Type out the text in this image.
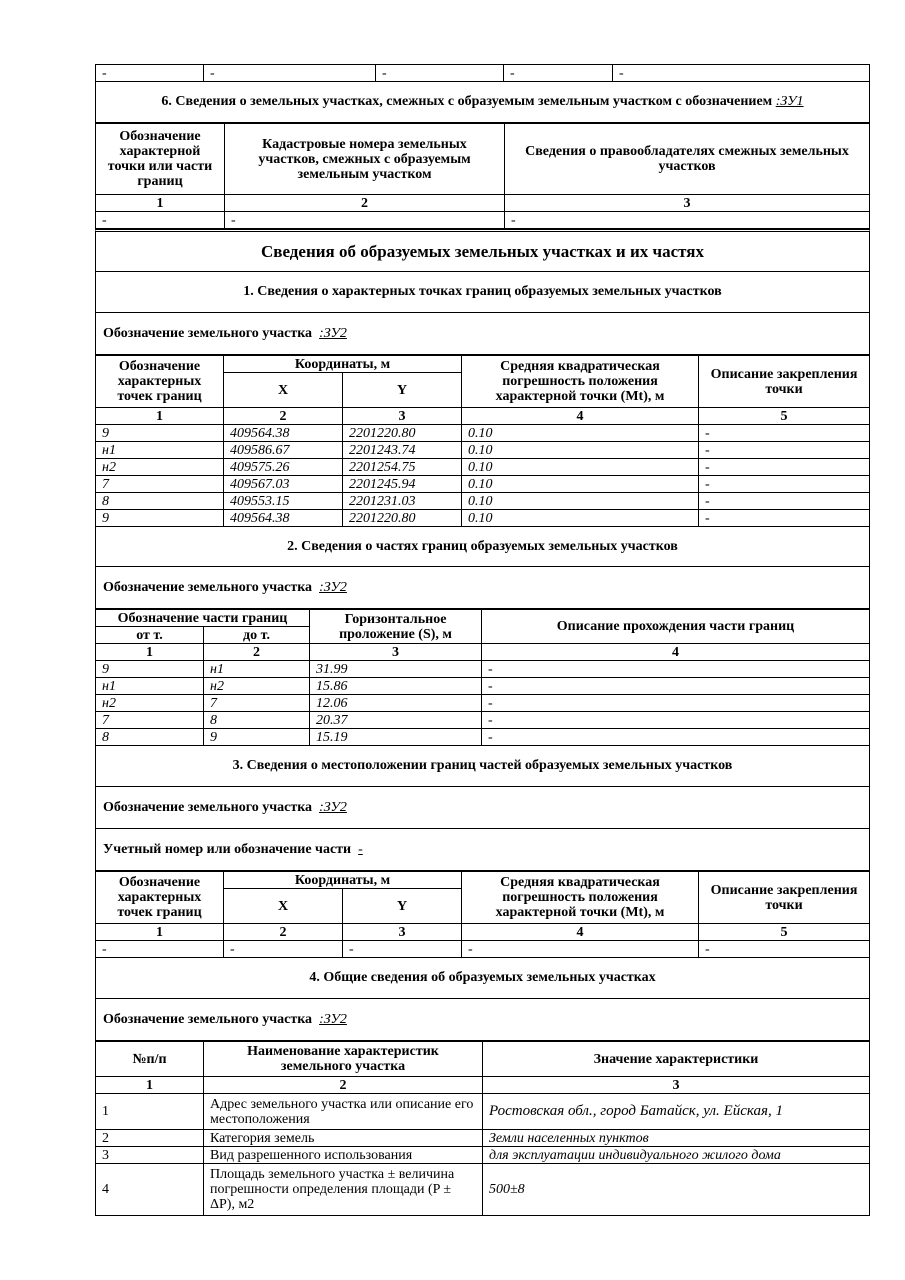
-	-	-	-	-
6. Сведения о земельных участках, смежных с образуемым земельным участком с обозначением
:ЗУ1
Обозначение характерной точки или части границ	Кадастровые номера земельных участков, смежных с образуемым земельным участком	Сведения о правообладателях смежных земельных участков
1	2	3
-	-	-
Сведения об образуемых земельных участках и их частях
1. Сведения о характерных точках границ образуемых земельных участков
Обозначение земельного участка :ЗУ2
Обозначение характерных точек границ	Координаты, м		Средняя квадратическая погрешность положения характерной точки (Mt), м	Описание закрепления точки
	X	Y		
1	2	3	4	5
9	409564.38	2201220.80	0.10	-
н1	409586.67	2201243.74	0.10	-
н2	409575.26	2201254.75	0.10	-
7	409567.03	2201245.94	0.10	-
8	409553.15	2201231.03	0.10	-
9	409564.38	2201220.80	0.10	-
2. Сведения о частях границ образуемых земельных участков
Обозначение земельного участка :ЗУ2
Обозначение части границ		Горизонтальное проложение (S), м	Описание прохождения части границ
от т.	до т.		
1	2	3	4
9	н1	31.99	-
н1	н2	15.86	-
н2	7	12.06	-
7	8	20.37	-
8	9	15.19	-
3. Сведения о местоположении границ частей образуемых земельных участков
Обозначение земельного участка :ЗУ2
Учетный номер или обозначение части -
Обозначение характерных точек границ	Координаты, м		Средняя квадратическая погрешность положения характерной точки (Mt), м	Описание закрепления точки
	X	Y		
1	2	3	4	5
-	-	-	-	-
4. Общие сведения об образуемых земельных участках
Обозначение земельного участка :ЗУ2
№п/п	Наименование характеристик земельного участка	Значение характеристики
1	2	3
1	Адрес земельного участка или описание его местоположения	Ростовская обл., город Батайск, ул. Ейская, 1
2	Категория земель	Земли населенных пунктов
3	Вид разрешенного использования	для эксплуатации индивидуального жилого дома
4	Площадь земельного участка ± величина погрешности определения площади (P ± ΔP), м2	500±8
